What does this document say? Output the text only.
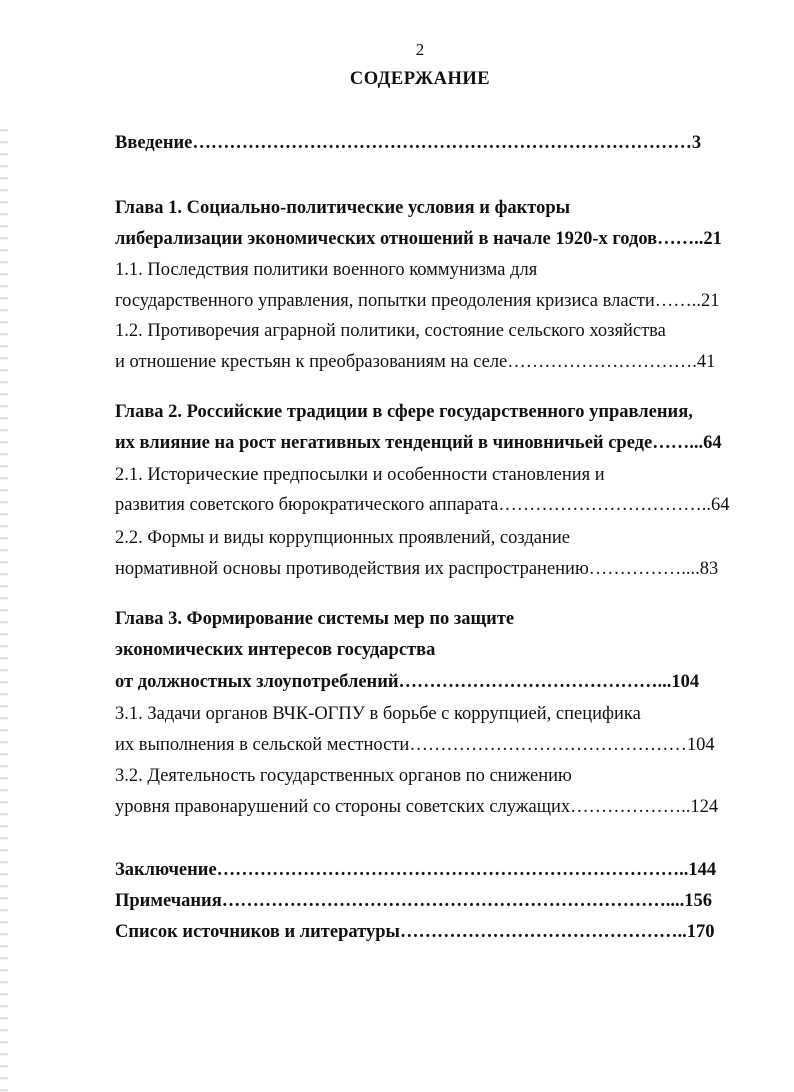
2
СОДЕРЖАНИЕ
Введение………………………………………………………………………3
Глава 1. Социально-политические условия и факторы
либерализации экономических отношений в начале 1920-х годов……..21
1.1. Последствия политики военного коммунизма для
государственного управления, попытки преодоления кризиса власти……..21
1.2. Противоречия аграрной политики, состояние сельского хозяйства
и отношение крестьян к преобразованиям на селе………………………….41
Глава 2. Российские традиции в сфере государственного управления,
их влияние на рост негативных тенденций в чиновничьей среде……...64
2.1. Исторические предпосылки и особенности становления и
развития советского бюрократического аппарата……………………………..64
2.2. Формы и виды коррупционных проявлений, создание
нормативной основы противодействия их распространению……………....83
Глава 3. Формирование системы мер по защите
экономических интересов государства
от должностных злоупотреблений……………………………………...104
3.1. Задачи органов ВЧК-ОГПУ в борьбе с коррупцией, специфика
их выполнения в сельской местности………………………………………104
3.2. Деятельность государственных органов по снижению
уровня правонарушений со стороны советских служащих………………..124
Заключение…………………………………………………………………..144
Примечания………………………………………………………………....156
Список источников и литературы………………………………………..170
